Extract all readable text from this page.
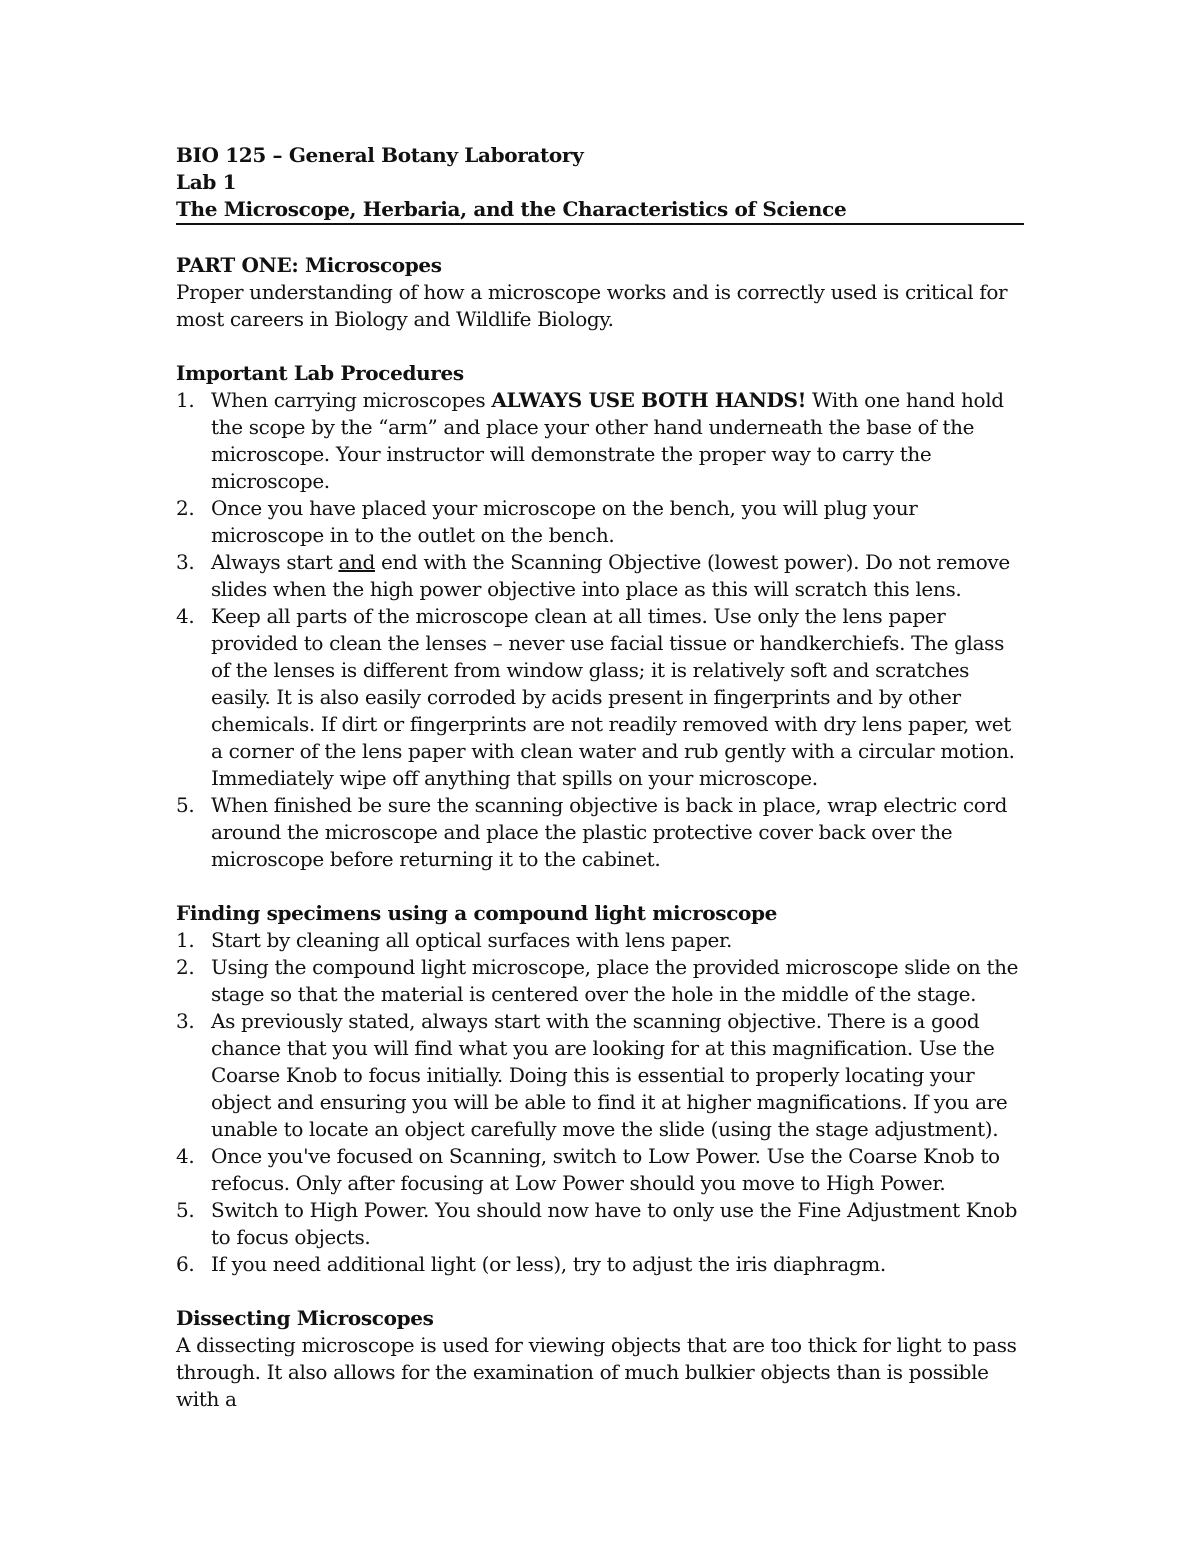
BIO 125 – General Botany Laboratory
Lab 1
The Microscope, Herbaria, and the Characteristics of Science
PART ONE: Microscopes

Proper understanding of how a microscope works and is correctly used is critical for most careers in Biology and Wildlife Biology.

Important Lab Procedures
1. When carrying microscopes ALWAYS USE BOTH HANDS! With one hand hold the scope by the “arm” and place your other hand underneath the base of the microscope. Your instructor will demonstrate the proper way to carry the microscope.
2. Once you have placed your microscope on the bench, you will plug your microscope in to the outlet on the bench.
3. Always start and end with the Scanning Objective (lowest power). Do not remove slides when the high power objective into place as this will scratch this lens.
4. Keep all parts of the microscope clean at all times. Use only the lens paper provided to clean the lenses – never use facial tissue or handkerchiefs. The glass of the lenses is different from window glass; it is relatively soft and scratches easily. It is also easily corroded by acids present in fingerprints and by other chemicals. If dirt or fingerprints are not readily removed with dry lens paper, wet a corner of the lens paper with clean water and rub gently with a circular motion. Immediately wipe off anything that spills on your microscope.
5. When finished be sure the scanning objective is back in place, wrap electric cord around the microscope and place the plastic protective cover back over the microscope before returning it to the cabinet.
Finding specimens using a compound light microscope
1. Start by cleaning all optical surfaces with lens paper.
2. Using the compound light microscope, place the provided microscope slide on the stage so that the material is centered over the hole in the middle of the stage.
3. As previously stated, always start with the scanning objective. There is a good chance that you will find what you are looking for at this magnification. Use the Coarse Knob to focus initially. Doing this is essential to properly locating your object and ensuring you will be able to find it at higher magnifications. If you are unable to locate an object carefully move the slide (using the stage adjustment).
4. Once you've focused on Scanning, switch to Low Power. Use the Coarse Knob to refocus. Only after focusing at Low Power should you move to High Power.
5. Switch to High Power. You should now have to only use the Fine Adjustment Knob to focus objects.
6. If you need additional light (or less), try to adjust the iris diaphragm.
Dissecting Microscopes

A dissecting microscope is used for viewing objects that are too thick for light to pass through. It also allows for the examination of much bulkier objects than is possible with a
